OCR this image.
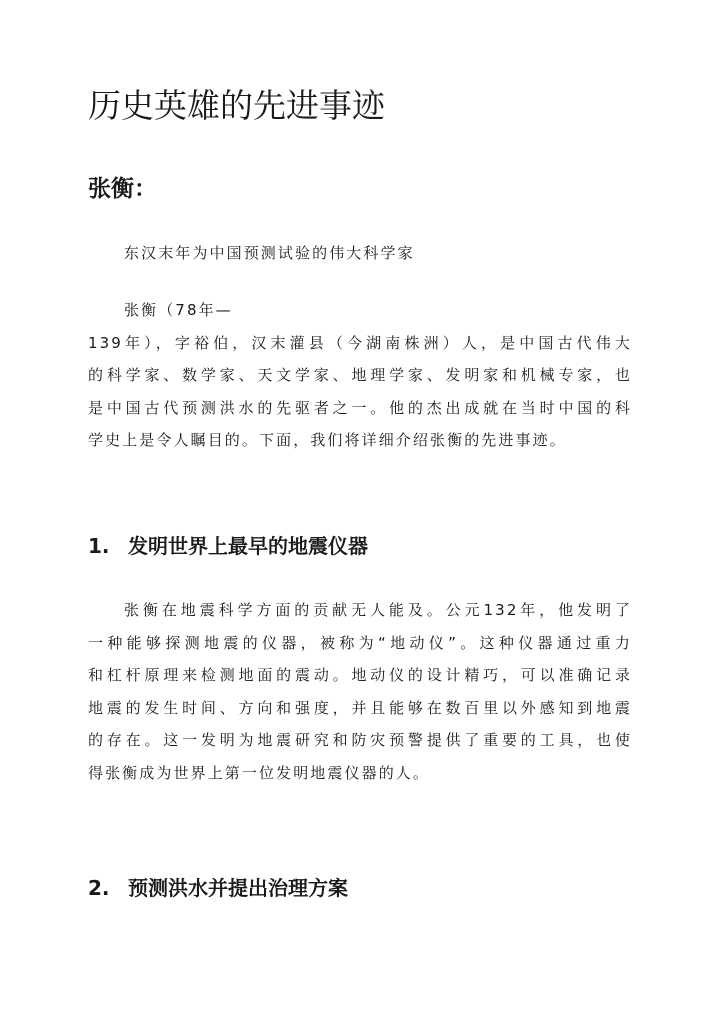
历史英雄的先进事迹
张衡：

东汉末年为中国预测试验的伟大科学家

张衡（78年—
139年），字裕伯，汉末灌县（今湖南株洲）人，是中国古代伟大
的科学家、数学家、天文学家、地理学家、发明家和机械专家，也
是中国古代预测洪水的先驱者之一。他的杰出成就在当时中国的科
学史上是令人瞩目的。下面，我们将详细介绍张衡的先进事迹。

1. 发明世界上最早的地震仪器

张衡在地震科学方面的贡献无人能及。公元132年，他发明了
一种能够探测地震的仪器，被称为“地动仪”。这种仪器通过重力
和杠杆原理来检测地面的震动。地动仪的设计精巧，可以准确记录
地震的发生时间、方向和强度，并且能够在数百里以外感知到地震
的存在。这一发明为地震研究和防灾预警提供了重要的工具，也使
得张衡成为世界上第一位发明地震仪器的人。

2. 预测洪水并提出治理方案
